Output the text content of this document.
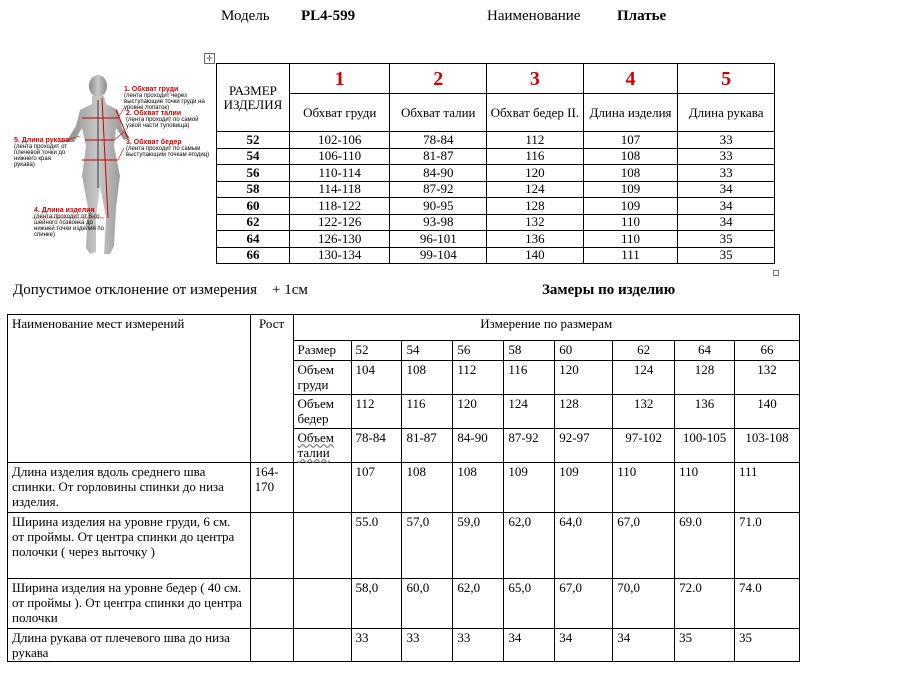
Модель PL4-599	Наименование Платье
✛
1. Обхват груди
(лента проходит через выступающие точки груди на уровне лопаток)
2. Обхват талии
(лента проходит по самой узкой части туловища)
3. Обхват бедер
(лента проходит по самым выступающим точкам ягодиц)
5. Длина рукава
(лента проходит от плечевой точки до нижнего края рукава)
4. Длина изделия
(лента проходит от 6-го шейного позвонка до нижней точки изделия по спинке)
РАЗМЕР ИЗДЕЛИЯ	1	2	3	4	5
	Обхват груди	Обхват талии	Обхват бедер II.	Длина изделия	Длина рукава
52	102-106	78-84	112	107	33
54	106-110	81-87	116	108	33
56	110-114	84-90	120	108	33
58	114-118	87-92	124	109	34
60	118-122	90-95	128	109	34
62	122-126	93-98	132	110	34
64	126-130	96-101	136	110	35
66	130-134	99-104	140	111	35
Допустимое отклонение от измерения + 1см	Замеры по изделию
Наименование мест измерений	Рост	Измерение по размерам								
		Размер	52	54	56	58	60	62	64	66
		Объем груди	104	108	112	116	120	124	128	132
		Объем бедер	112	116	120	124	128	132	136	140
		Объем талии	78-84	81-87	84-90	87-92	92-97	97-102	100-105	103-108
Длина изделия вдоль среднего шва спинки. От горловины спинки до низа изделия.	164-170		107	108	108	109	109	110	110	111
Ширина изделия на уровне груди, 6 см. от проймы. От центра спинки до центра полочки ( через выточку )			55.0	57,0	59,0	62,0	64,0	67,0	69.0	71.0
Ширина изделия на уровне бедер ( 40 см. от проймы ). От центра спинки до центра полочки			58,0	60,0	62,0	65,0	67,0	70,0	72.0	74.0
Длина рукава от плечевого шва до низа рукава			33	33	33	34	34	34	35	35
